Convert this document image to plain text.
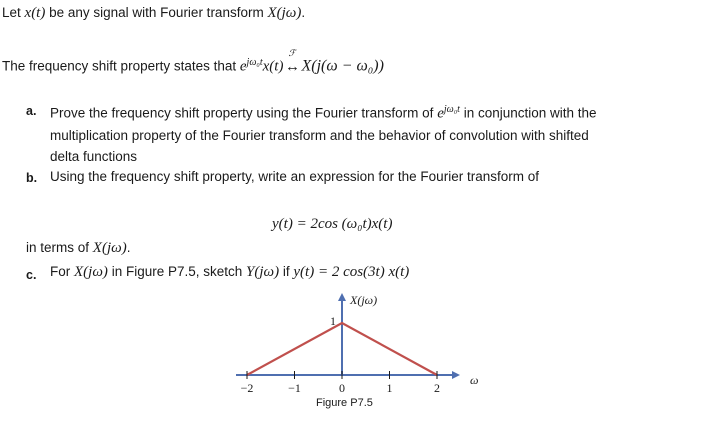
Let x(t) be any signal with Fourier transform X(jω).
The frequency shift property states that $e^{j\omega_0t}x(t)$
ℱ
↔X(j(ω − ω₀))
a. Prove the frequency shift property using the Fourier transform of $e^{j\omega_0t}$ in conjunction with the
multiplication property of the Fourier transform and the behavior of convolution with shifted
delta functions
b. Using the frequency shift property, write an expression for the Fourier transform of
y(t) = 2cos (ω₀t)x(t)
in terms of X(jω).
c. For X(jω) in Figure P7.5, sketch Y(jω) if y(t) = 2 cos(3t) x(t)
−2	−1	0	1	2
X(jω)
ω
1
Figure P7.5
